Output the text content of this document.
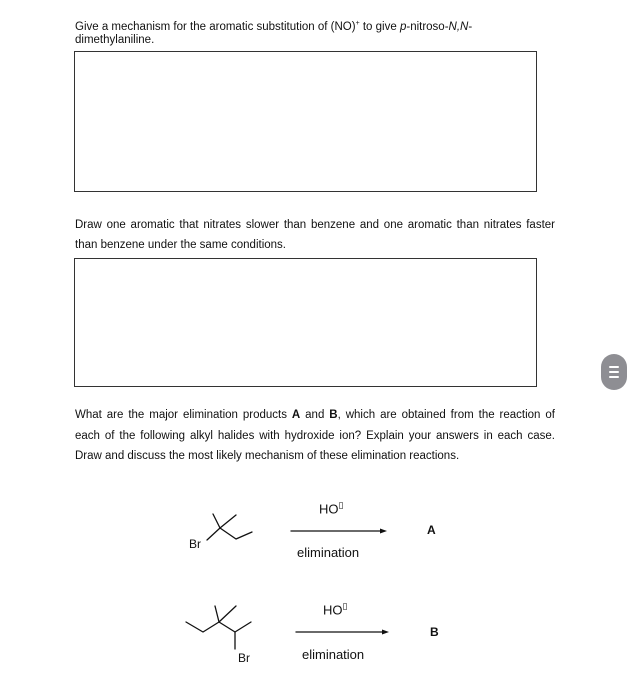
Give a mechanism for the aromatic substitution of (NO)+ to give p-nitroso-N,N-dimethylaniline.
Draw one aromatic that nitrates slower than benzene and one aromatic than nitrates faster than benzene under the same conditions.
What are the major elimination products A and B, which are obtained from the reaction of each of the following alkyl halides with hydroxide ion? Explain your answers in each case. Draw and discuss the most likely mechanism of these elimination reactions.
Br
HO▯
elimination
A
Br
HO▯
elimination
B
